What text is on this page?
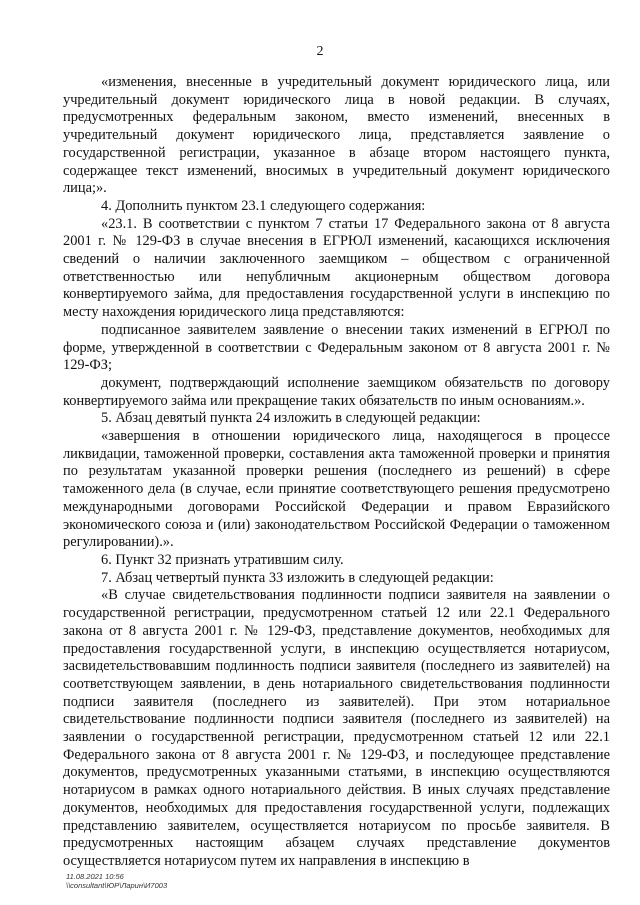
2

«изменения, внесенные в учредительный документ юридического лица, или учредительный документ юридического лица в новой редакции. В случаях, предусмотренных федеральным законом, вместо изменений, внесенных в учредительный документ юридического лица, представляется заявление о государственной регистрации, указанное в абзаце втором настоящего пункта, содержащее текст изменений, вносимых в учредительный документ юридического лица;».

4. Дополнить пунктом 23.1 следующего содержания:

«23.1. В соответствии с пунктом 7 статьи 17 Федерального закона от 8 августа 2001 г. № 129-ФЗ в случае внесения в ЕГРЮЛ изменений, касающихся исключения сведений о наличии заключенного заемщиком – обществом с ограниченной ответственностью или непубличным акционерным обществом договора конвертируемого займа, для предоставления государственной услуги в инспекцию по месту нахождения юридического лица представляются:

подписанное заявителем заявление о внесении таких изменений в ЕГРЮЛ по форме, утвержденной в соответствии с Федеральным законом от 8 августа 2001 г. № 129-ФЗ;

документ, подтверждающий исполнение заемщиком обязательств по договору конвертируемого займа или прекращение таких обязательств по иным основаниям.».

5. Абзац девятый пункта 24 изложить в следующей редакции:

«завершения в отношении юридического лица, находящегося в процессе ликвидации, таможенной проверки, составления акта таможенной проверки и принятия по результатам указанной проверки решения (последнего из решений) в сфере таможенного дела (в случае, если принятие соответствующего решения предусмотрено международными договорами Российской Федерации и правом Евразийского экономического союза и (или) законодательством Российской Федерации о таможенном регулировании).».

6. Пункт 32 признать утратившим силу.

7. Абзац четвертый пункта 33 изложить в следующей редакции:

«В случае свидетельствования подлинности подписи заявителя на заявлении о государственной регистрации, предусмотренном статьей 12 или 22.1 Федерального закона от 8 августа 2001 г. № 129-ФЗ, представление документов, необходимых для предоставления государственной услуги, в инспекцию осуществляется нотариусом, засвидетельствовавшим подлинность подписи заявителя (последнего из заявителей) на соответствующем заявлении, в день нотариального свидетельствования подлинности подписи заявителя (последнего из заявителей). При этом нотариальное свидетельствование подлинности подписи заявителя (последнего из заявителей) на заявлении о государственной регистрации, предусмотренном статьей 12 или 22.1 Федерального закона от 8 августа 2001 г. № 129-ФЗ, и последующее представление документов, предусмотренных указанными статьями, в инспекцию осуществляются нотариусом в рамках одного нотариального действия. В иных случаях представление документов, необходимых для предоставления государственной услуги, подлежащих представлению заявителем, осуществляется нотариусом по просьбе заявителя. В предусмотренных настоящим абзацем случаях представление документов осуществляется нотариусом путем их направления в инспекцию в

11.08.2021 10:56
\\consultant\ЮР\Ларин\И7003
